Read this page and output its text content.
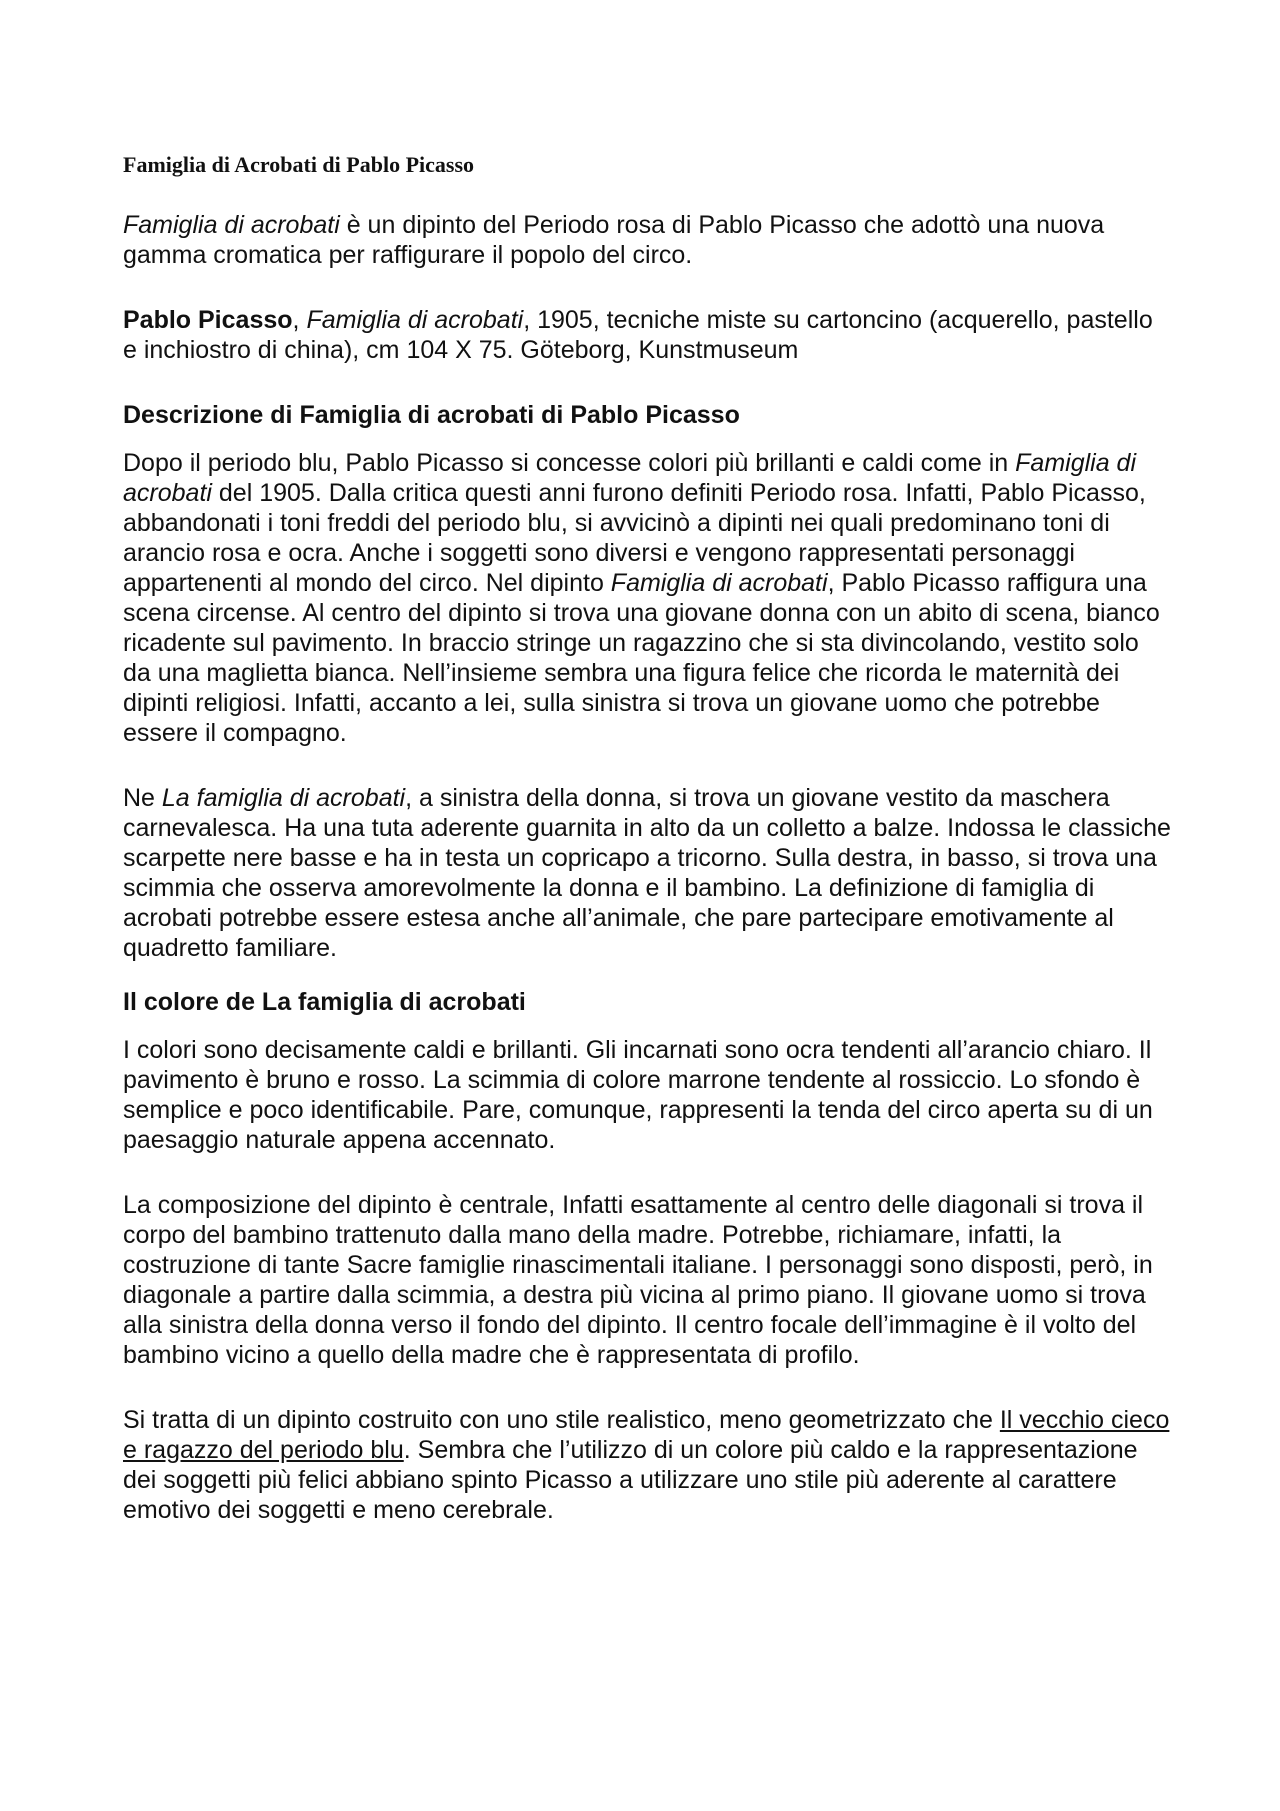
Famiglia di Acrobati di Pablo Picasso

Famiglia di acrobati è un dipinto del Periodo rosa di Pablo Picasso che adottò una nuova gamma cromatica per raffigurare il popolo del circo.

Pablo Picasso, Famiglia di acrobati, 1905, tecniche miste su cartoncino (acquerello, pastello e inchiostro di china), cm 104 X 75. Göteborg, Kunstmuseum

Descrizione di Famiglia di acrobati di Pablo Picasso

Dopo il periodo blu, Pablo Picasso si concesse colori più brillanti e caldi come in Famiglia di acrobati del 1905. Dalla critica questi anni furono definiti Periodo rosa. Infatti, Pablo Picasso, abbandonati i toni freddi del periodo blu, si avvicinò a dipinti nei quali predominano toni di arancio rosa e ocra. Anche i soggetti sono diversi e vengono rappresentati personaggi appartenenti al mondo del circo. Nel dipinto Famiglia di acrobati, Pablo Picasso raffigura una scena circense. Al centro del dipinto si trova una giovane donna con un abito di scena, bianco ricadente sul pavimento. In braccio stringe un ragazzino che si sta divincolando, vestito solo da una maglietta bianca. Nell’insieme sembra una figura felice che ricorda le maternità dei dipinti religiosi. Infatti, accanto a lei, sulla sinistra si trova un giovane uomo che potrebbe essere il compagno.

Ne La famiglia di acrobati, a sinistra della donna, si trova un giovane vestito da maschera carnevalesca. Ha una tuta aderente guarnita in alto da un colletto a balze. Indossa le classiche scarpette nere basse e ha in testa un copricapo a tricorno. Sulla destra, in basso, si trova una scimmia che osserva amorevolmente la donna e il bambino. La definizione di famiglia di acrobati potrebbe essere estesa anche all’animale, che pare partecipare emotivamente al quadretto familiare.

Il colore de La famiglia di acrobati

I colori sono decisamente caldi e brillanti. Gli incarnati sono ocra tendenti all’arancio chiaro. Il pavimento è bruno e rosso. La scimmia di colore marrone tendente al rossiccio. Lo sfondo è semplice e poco identificabile. Pare, comunque, rappresenti la tenda del circo aperta su di un paesaggio naturale appena accennato.

La composizione del dipinto è centrale, Infatti esattamente al centro delle diagonali si trova il corpo del bambino trattenuto dalla mano della madre. Potrebbe, richiamare, infatti, la costruzione di tante Sacre famiglie rinascimentali italiane. I personaggi sono disposti, però, in diagonale a partire dalla scimmia, a destra più vicina al primo piano. Il giovane uomo si trova alla sinistra della donna verso il fondo del dipinto. Il centro focale dell’immagine è il volto del bambino vicino a quello della madre che è rappresentata di profilo.

Si tratta di un dipinto costruito con uno stile realistico, meno geometrizzato che Il vecchio cieco e ragazzo del periodo blu. Sembra che l’utilizzo di un colore più caldo e la rappresentazione dei soggetti più felici abbiano spinto Picasso a utilizzare uno stile più aderente al carattere emotivo dei soggetti e meno cerebrale.
